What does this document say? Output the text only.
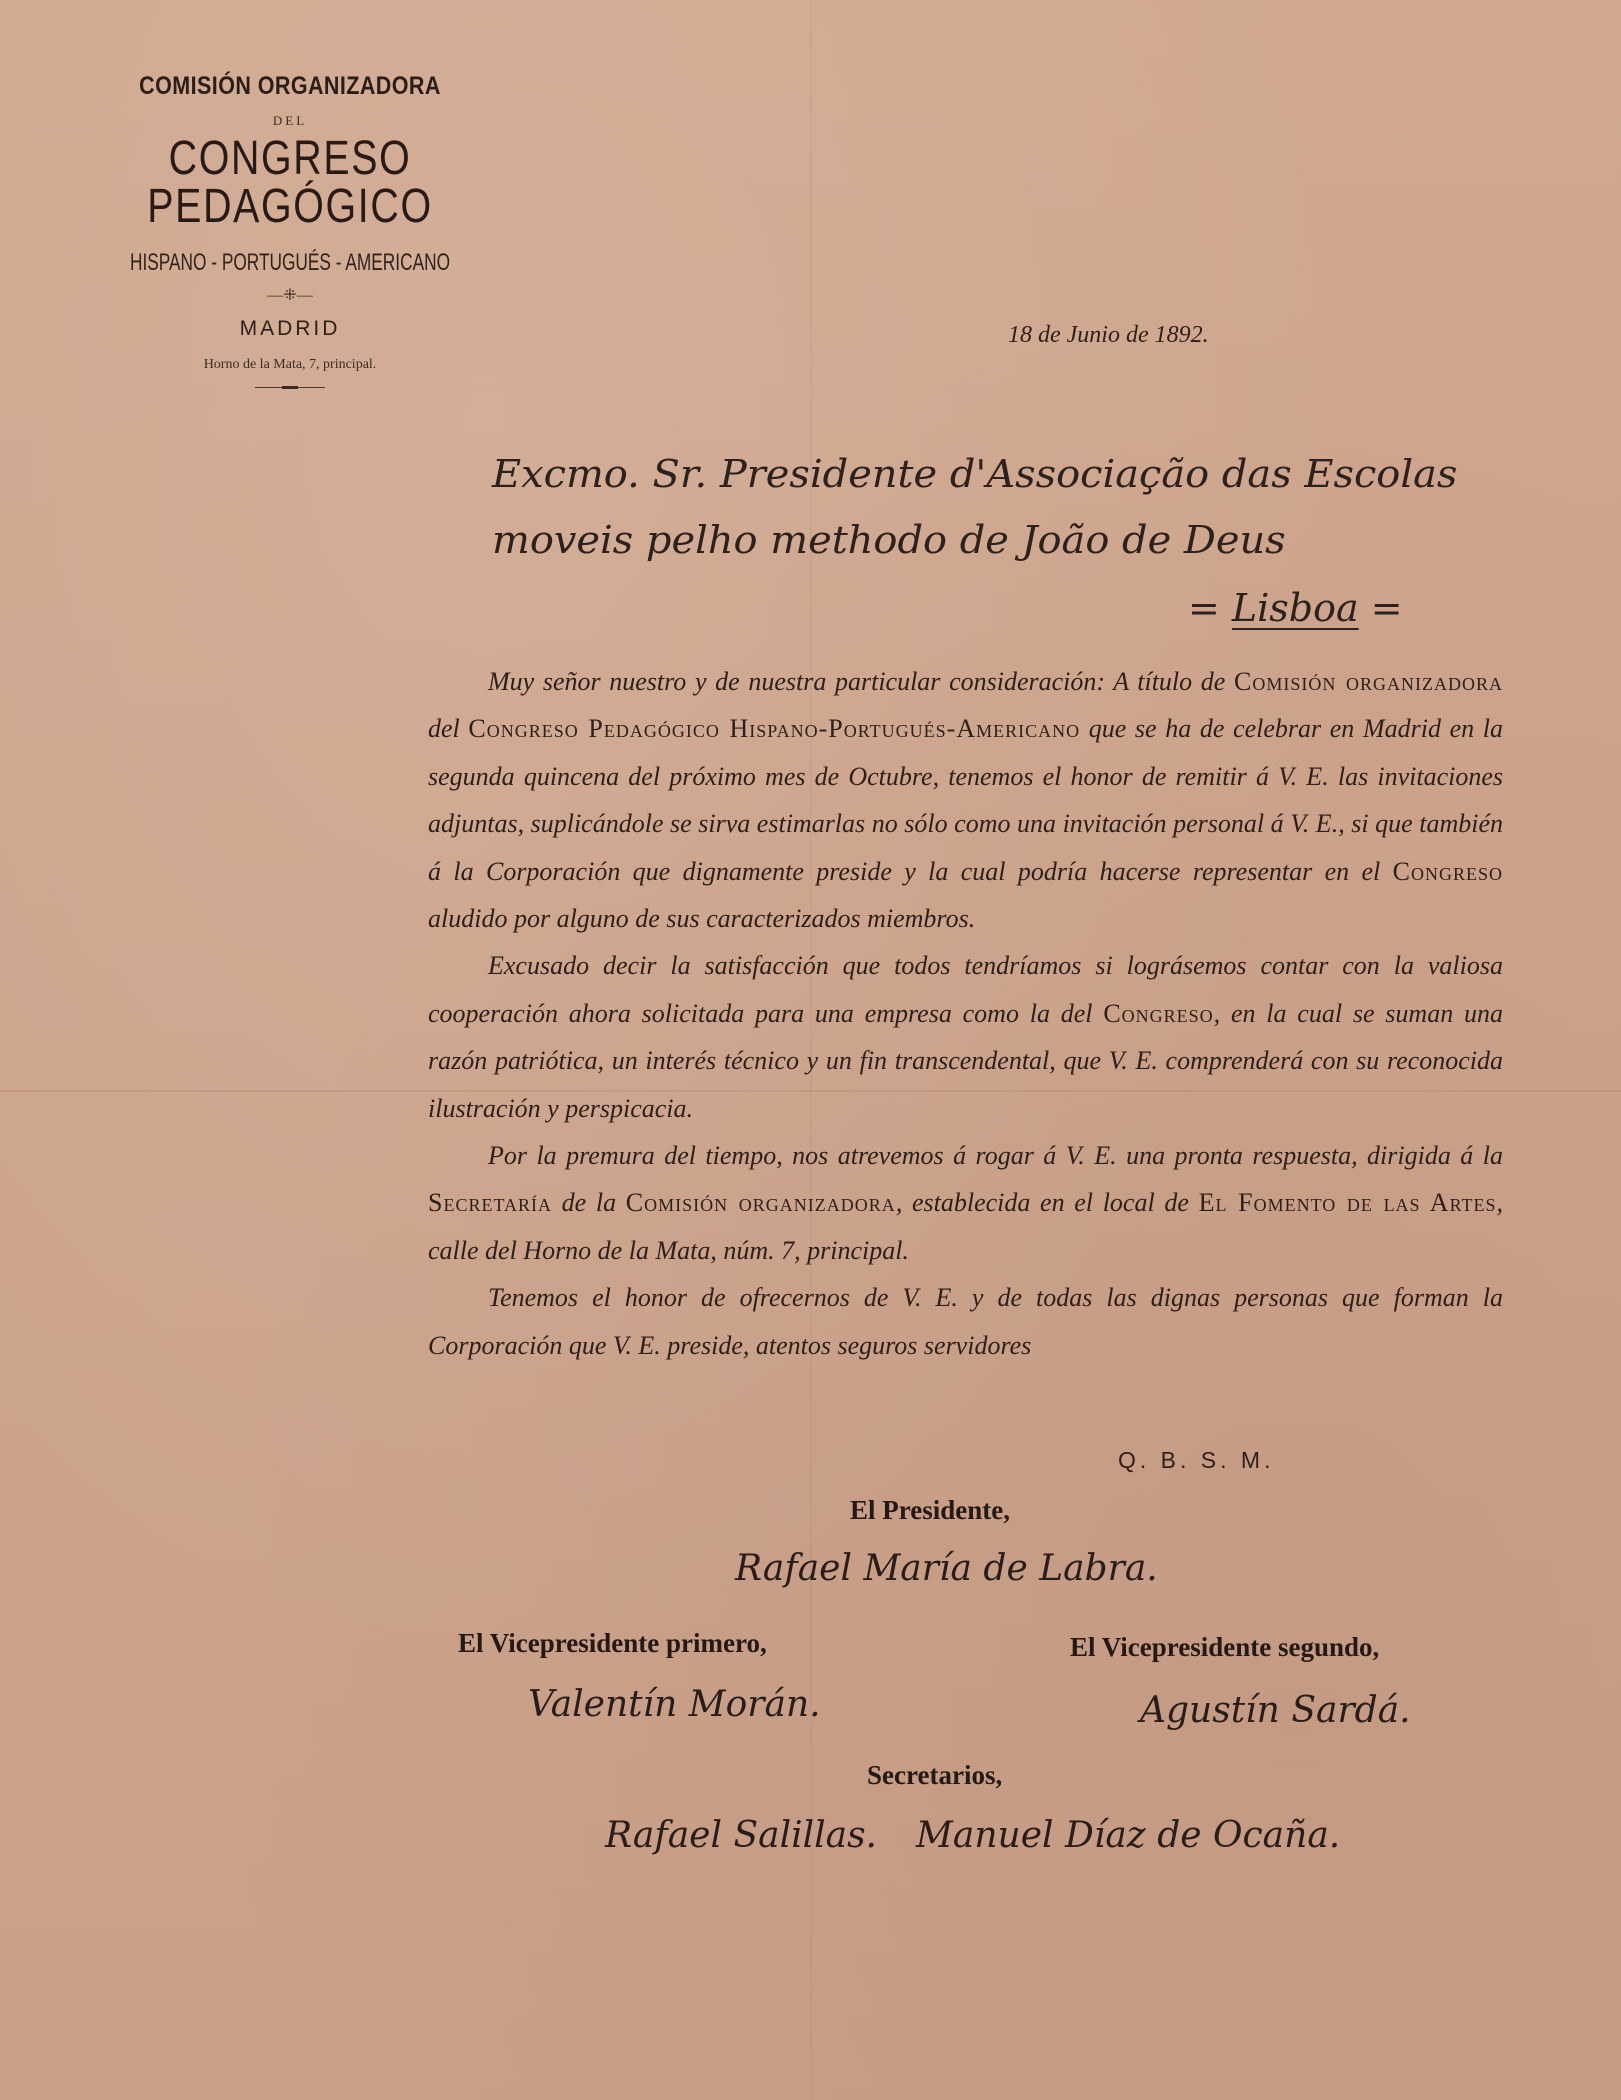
COMISIÓN ORGANIZADORA
DEL
CONGRESO PEDAGÓGICO
HISPANO - PORTUGUÉS - AMERICANO
—⁜—
MADRID
Horno de la Mata, 7, principal.
18 de Junio de 1892.
Excmo. Sr. Presidente d'Associação das Escolas
moveis pelho methodo de João de Deus
= Lisboa =

Muy señor nuestro y de nuestra particular consideración: A título de Comisión organizadora del Congreso Pedagógico Hispano-Portugués-Americano que se ha de celebrar en Madrid en la segunda quincena del próximo mes de Octubre, tenemos el honor de remitir á V. E. las invitaciones adjuntas, suplicándole se sirva estimarlas no sólo como una invitación personal á V. E., si que también á la Corporación que dignamente preside y la cual podría hacerse representar en el Congreso aludido por alguno de sus caracterizados miembros.

Excusado decir la satisfacción que todos tendríamos si lográsemos contar con la valiosa cooperación ahora solicitada para una empresa como la del Congreso, en la cual se suman una razón patriótica, un interés técnico y un fin transcendental, que V. E. comprenderá con su reconocida ilustración y perspicacia.

Por la premura del tiempo, nos atrevemos á rogar á V. E. una pronta respuesta, dirigida á la Secretaría de la Comisión organizadora, establecida en el local de El Fomento de las Artes, calle del Horno de la Mata, núm. 7, principal.

Tenemos el honor de ofrecernos de V. E. y de todas las dignas personas que forman la Corporación que V. E. preside, atentos seguros servidores

Q. B. S. M.
El Presidente,
Rafael María de Labra.
El Vicepresidente primero,
Valentín Morán.
El Vicepresidente segundo,
Agustín Sardá.
Secretarios,
Rafael Salillas. Manuel Díaz de Ocaña.
